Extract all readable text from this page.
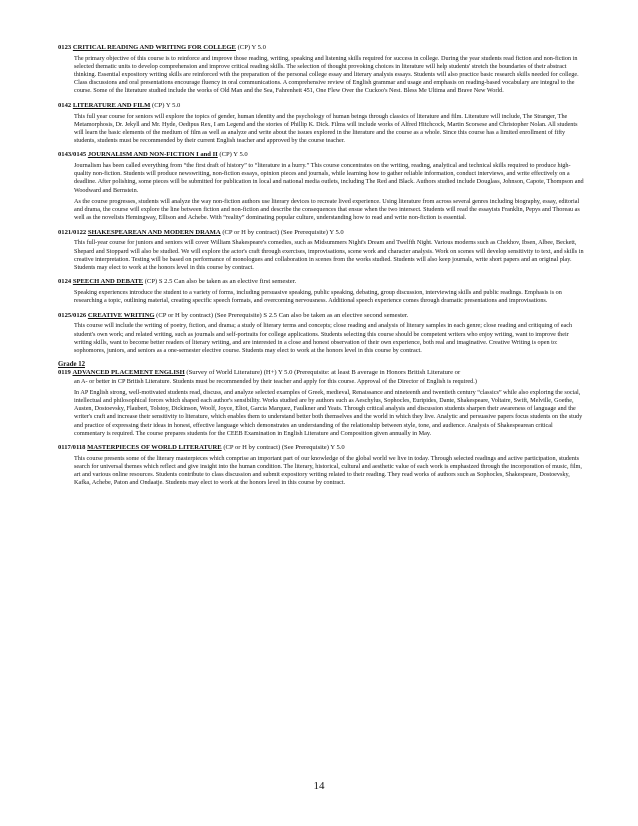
0123 CRITICAL READING AND WRITING FOR COLLEGE (CP) Y 5.0

The primary objective of this course is to reinforce and improve those reading, writing, speaking and listening skills required for success in college. During the year students read fiction and non-fiction in selected thematic units to develop comprehension and improve critical reading skills. The selection of thought provoking choices in literature will help students' stretch the boundaries of their abstract thinking. Essential expository writing skills are reinforced with the preparation of the personal college essay and literary analysis essays. Students will also practice basic research skills needed for college. Class discussions and oral presentations encourage fluency in oral communications. A comprehensive review of English grammar and usage and emphasis on reading-based vocabulary are integral to the course. Some of the literature studied include the works of Old Man and the Sea, Fahrenheit 451, One Flew Over the Cuckoo's Nest. Bless Me Ultima and Brave New World.

0142 LITERATURE AND FILM (CP) Y 5.0

This full year course for seniors will explore the topics of gender, human identity and the psychology of human beings through classics of literature and film. Literature will include, The Stranger, The Metamorphosis, Dr. Jekyll and Mr. Hyde, Oedipus Rex, I am Legend and the stories of Phillip K. Dick. Films will include works of Alfred Hitchcock, Martin Scorsese and Christopher Nolan. All students will learn the basic elements of the medium of film as well as analyze and write about the issues explored in the literature and the course as a whole. Since this course has a limited enrollment of fifty students, students must be recommended by their current English teacher and approved by the course teacher.

0143/0145 JOURNALISM AND NON-FICTION I and II (CP) Y 5.0

Journalism has been called everything from “the first draft of history” to “literature in a hurry.” This course concentrates on the writing, reading, analytical and technical skills required to produce high-quality non-fiction. Students will produce newswriting, non-fiction essays, opinion pieces and journals, while learning how to gather reliable information, conduct interviews, and write effectively on a deadline. After polishing, some pieces will be submitted for publication in local and national media outlets, including The Red and Black. Authors studied include Douglass, Johnson, Capote, Thompson and Woodward and Bernstein.

As the course progresses, students will analyze the way non-fiction authors use literary devices to recreate lived experience. Using literature from across several genres including biography, essay, editorial and drama, the course will explore the line between fiction and non-fiction and describe the consequences that ensue when the two intersect. Students will read the essayists Franklin, Pepys and Thoreau as well as the novelists Hemingway, Ellison and Achebe. With “reality” dominating popular culture, understanding how to read and write non-fiction is essential.

0121/0122 SHAKESPEAREAN AND MODERN DRAMA (CP or H by contract) (See Prerequisite) Y 5.0

This full-year course for juniors and seniors will cover William Shakespeare's comedies, such as Midsummers Night's Dream and Twelfth Night. Various moderns such as Chekhov, Ibsen, Albee, Beckett, Shepard and Stoppard will also be studied. We will explore the actor's craft through exercises, improvisations, scene work and character analysis. Work on scenes will develop sensitivity to text, and skills in creative interpretation. Testing will be based on performance of monologues and collaboration in scenes from the works studied. Students will also keep journals, write short papers and an original play. Students may elect to work at the honors level in this course by contract.

0124 SPEECH AND DEBATE (CP) S 2.5 Can also be taken as an elective first semester.

Speaking experiences introduce the student to a variety of forms, including persuasive speaking, public speaking, debating, group discussion, interviewing skills and public readings. Emphasis is on researching a topic, outlining material, creating specific speech formats, and overcoming nervousness. Additional speech experience comes through dramatic presentations and improvisations.

0125/0126 CREATIVE WRITING (CP or H by contract) (See Prerequisite) S 2.5 Can also be taken as an elective second semester.

This course will include the writing of poetry, fiction, and drama; a study of literary terms and concepts; close reading and analysis of literary samples in each genre; close reading and critiquing of each student's own work; and related writing, such as journals and self-portraits for college applications. Students selecting this course should be competent writers who enjoy writing, want to improve their writing skills, want to become better readers of literary writing, and are interested in a close and honest observation of their own experience, both real and imaginative. Creative Writing is open to: sophomores, juniors, and seniors as a one-semester elective course. Students may elect to work at the honors level in this course by contract.

Grade 12
0119 ADVANCED PLACEMENT ENGLISH (Survey of World Literature) (H+) Y 5.0 (Prerequisite: at least B average in Honors British Literature or

an A- or better in CP British Literature. Students must be recommended by their teacher and apply for this course. Approval of the Director of English is required.)

In AP English strong, well-motivated students read, discuss, and analyze selected examples of Greek, medieval, Renaissance and nineteenth and twentieth century “classics” while also exploring the social, intellectual and philosophical forces which shaped each author's sensibility. Works studied are by authors such as Aeschylus, Sophocles, Euripides, Dante, Shakespeare, Voltaire, Swift, Melville, Goethe, Austen, Dostoevsky, Flaubert, Tolstoy, Dickinson, Woolf, Joyce, Eliot, Garcia Marquez, Faulkner and Yeats. Through critical analysis and discussion students sharpen their awareness of language and the writer's craft and increase their sensitivity to literature, which enables them to understand better both themselves and the world in which they live. Analytic and persuasive papers focus students on the study and practice of expressing their ideas in honest, effective language which demonstrates an understanding of the relationship between style, tone, and audience. Analysis of Shakespearean critical commentary is required. The course prepares students for the CEEB Examination in English Literature and Composition given annually in May.

0117/0118 MASTERPIECES OF WORLD LITERATURE (CP or H by contract) (See Prerequisite) Y 5.0

This course presents some of the literary masterpieces which comprise an important part of our knowledge of the global world we live in today. Through selected readings and active participation, students search for universal themes which reflect and give insight into the human condition. The literary, historical, cultural and aesthetic value of each work is emphasized through the incorporation of music, film, art and various online resources. Students contribute to class discussion and submit expository writing related to their reading. They read works of authors such as Sophocles, Shakespeare, Dostoevsky, Kafka, Achebe, Paton and Ondaatje. Students may elect to work at the honors level in this course by contract.

14
